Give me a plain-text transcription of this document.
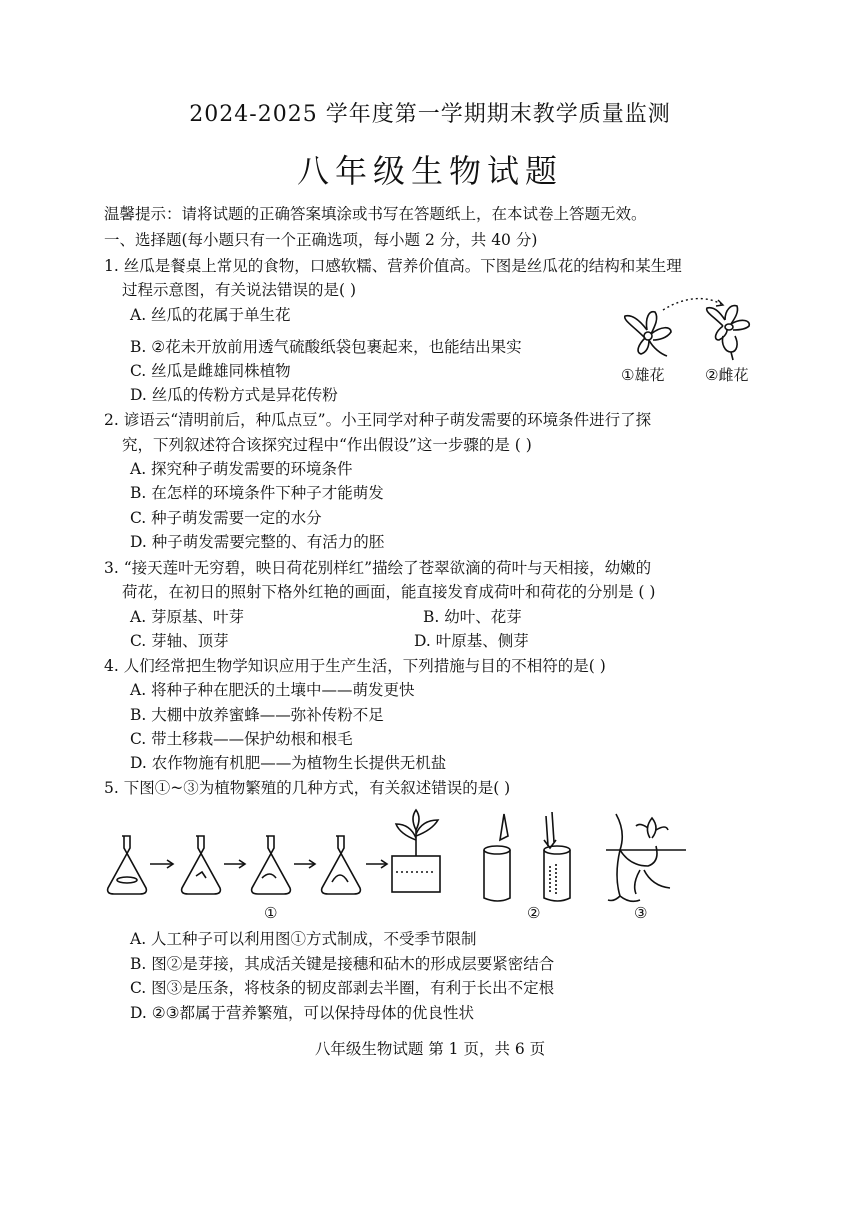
2024-2025 学年度第一学期期末教学质量监测
八年级生物试题
温馨提示：请将试题的正确答案填涂或书写在答题纸上，在本试卷上答题无效。
一、选择题(每小题只有一个正确选项，每小题 2 分，共 40 分)
1. 丝瓜是餐桌上常见的食物，口感软糯、营养价值高。下图是丝瓜花的结构和某生理
过程示意图，有关说法错误的是( )
A. 丝瓜的花属于单生花
B. ②花未开放前用透气硫酸纸袋包裹起来，也能结出果实
C. 丝瓜是雌雄同株植物
D. 丝瓜的传粉方式是异花传粉
①雄花	②雌花
2. 谚语云“清明前后，种瓜点豆”。小王同学对种子萌发需要的环境条件进行了探
究，下列叙述符合该探究过程中“作出假设”这一步骤的是 ( )
A. 探究种子萌发需要的环境条件
B. 在怎样的环境条件下种子才能萌发
C. 种子萌发需要一定的水分
D. 种子萌发需要完整的、有活力的胚
3. “接天莲叶无穷碧，映日荷花别样红”描绘了苍翠欲滴的荷叶与天相接，幼嫩的
荷花，在初日的照射下格外红艳的画面，能直接发育成荷叶和荷花的分别是 ( )
A. 芽原基、叶芽	B. 幼叶、花芽
C. 芽轴、顶芽	D. 叶原基、侧芽
4. 人们经常把生物学知识应用于生产生活，下列措施与目的不相符的是( )
A. 将种子种在肥沃的土壤中——萌发更快
B. 大棚中放养蜜蜂——弥补传粉不足
C. 带土移栽——保护幼根和根毛
D. 农作物施有机肥——为植物生长提供无机盐
5. 下图①~③为植物繁殖的几种方式，有关叙述错误的是( )
①	②	③
A. 人工种子可以利用图①方式制成，不受季节限制
B. 图②是芽接，其成活关键是接穗和砧木的形成层要紧密结合
C. 图③是压条，将枝条的韧皮部剥去半圈，有利于长出不定根
D. ②③都属于营养繁殖，可以保持母体的优良性状
八年级生物试题 第 1 页，共 6 页
